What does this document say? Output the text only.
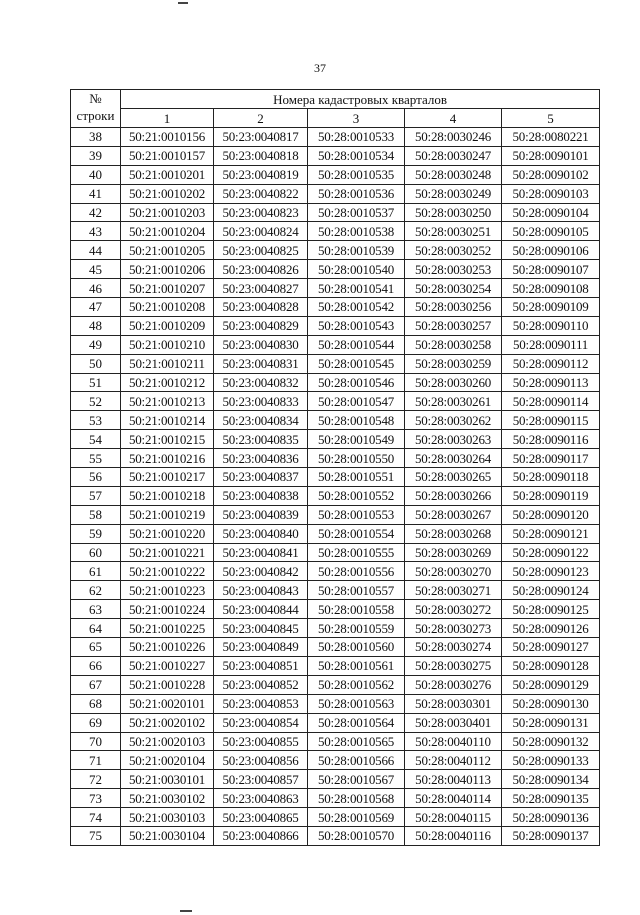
37
№
строки	Номера кадастровых кварталов				
	1	2	3	4	5
38	50:21:0010156	50:23:0040817	50:28:0010533	50:28:0030246	50:28:0080221
39	50:21:0010157	50:23:0040818	50:28:0010534	50:28:0030247	50:28:0090101
40	50:21:0010201	50:23:0040819	50:28:0010535	50:28:0030248	50:28:0090102
41	50:21:0010202	50:23:0040822	50:28:0010536	50:28:0030249	50:28:0090103
42	50:21:0010203	50:23:0040823	50:28:0010537	50:28:0030250	50:28:0090104
43	50:21:0010204	50:23:0040824	50:28:0010538	50:28:0030251	50:28:0090105
44	50:21:0010205	50:23:0040825	50:28:0010539	50:28:0030252	50:28:0090106
45	50:21:0010206	50:23:0040826	50:28:0010540	50:28:0030253	50:28:0090107
46	50:21:0010207	50:23:0040827	50:28:0010541	50:28:0030254	50:28:0090108
47	50:21:0010208	50:23:0040828	50:28:0010542	50:28:0030256	50:28:0090109
48	50:21:0010209	50:23:0040829	50:28:0010543	50:28:0030257	50:28:0090110
49	50:21:0010210	50:23:0040830	50:28:0010544	50:28:0030258	50:28:0090111
50	50:21:0010211	50:23:0040831	50:28:0010545	50:28:0030259	50:28:0090112
51	50:21:0010212	50:23:0040832	50:28:0010546	50:28:0030260	50:28:0090113
52	50:21:0010213	50:23:0040833	50:28:0010547	50:28:0030261	50:28:0090114
53	50:21:0010214	50:23:0040834	50:28:0010548	50:28:0030262	50:28:0090115
54	50:21:0010215	50:23:0040835	50:28:0010549	50:28:0030263	50:28:0090116
55	50:21:0010216	50:23:0040836	50:28:0010550	50:28:0030264	50:28:0090117
56	50:21:0010217	50:23:0040837	50:28:0010551	50:28:0030265	50:28:0090118
57	50:21:0010218	50:23:0040838	50:28:0010552	50:28:0030266	50:28:0090119
58	50:21:0010219	50:23:0040839	50:28:0010553	50:28:0030267	50:28:0090120
59	50:21:0010220	50:23:0040840	50:28:0010554	50:28:0030268	50:28:0090121
60	50:21:0010221	50:23:0040841	50:28:0010555	50:28:0030269	50:28:0090122
61	50:21:0010222	50:23:0040842	50:28:0010556	50:28:0030270	50:28:0090123
62	50:21:0010223	50:23:0040843	50:28:0010557	50:28:0030271	50:28:0090124
63	50:21:0010224	50:23:0040844	50:28:0010558	50:28:0030272	50:28:0090125
64	50:21:0010225	50:23:0040845	50:28:0010559	50:28:0030273	50:28:0090126
65	50:21:0010226	50:23:0040849	50:28:0010560	50:28:0030274	50:28:0090127
66	50:21:0010227	50:23:0040851	50:28:0010561	50:28:0030275	50:28:0090128
67	50:21:0010228	50:23:0040852	50:28:0010562	50:28:0030276	50:28:0090129
68	50:21:0020101	50:23:0040853	50:28:0010563	50:28:0030301	50:28:0090130
69	50:21:0020102	50:23:0040854	50:28:0010564	50:28:0030401	50:28:0090131
70	50:21:0020103	50:23:0040855	50:28:0010565	50:28:0040110	50:28:0090132
71	50:21:0020104	50:23:0040856	50:28:0010566	50:28:0040112	50:28:0090133
72	50:21:0030101	50:23:0040857	50:28:0010567	50:28:0040113	50:28:0090134
73	50:21:0030102	50:23:0040863	50:28:0010568	50:28:0040114	50:28:0090135
74	50:21:0030103	50:23:0040865	50:28:0010569	50:28:0040115	50:28:0090136
75	50:21:0030104	50:23:0040866	50:28:0010570	50:28:0040116	50:28:0090137
